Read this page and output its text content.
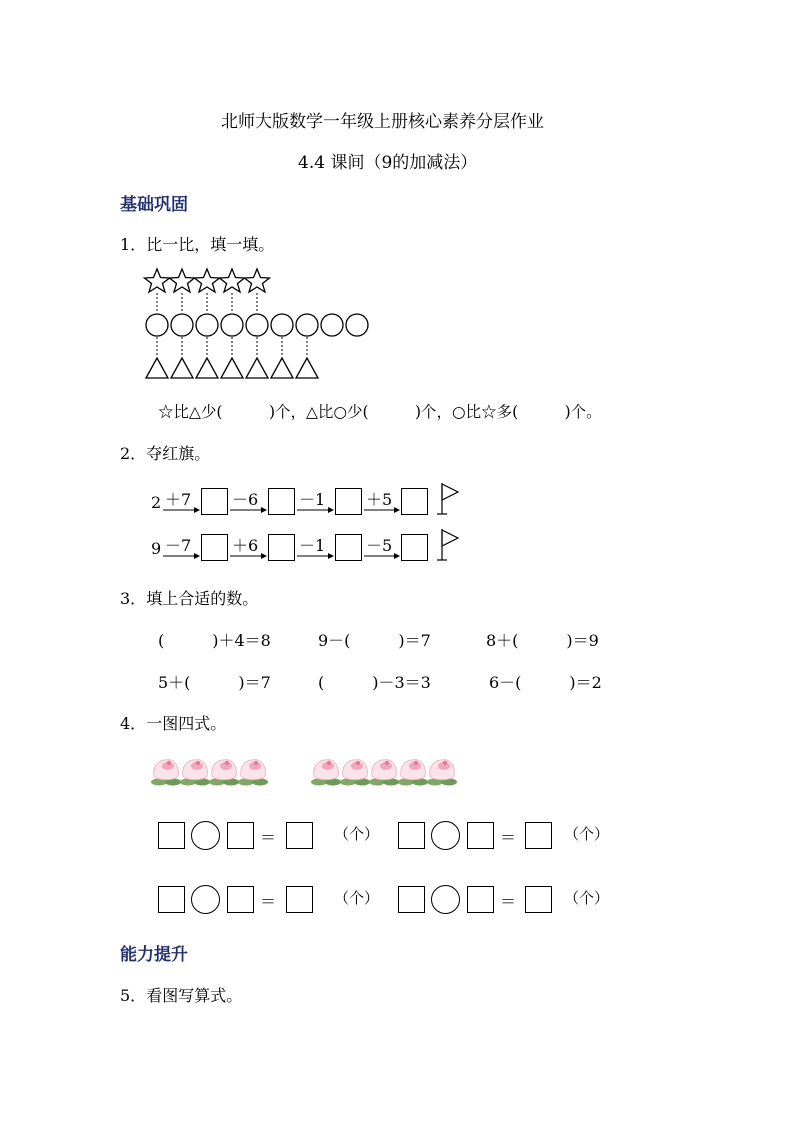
北师大版数学一年级上册核心素养分层作业
4.4 课间（9的加减法）
基础巩固
1．比一比，填一填。
☆比△少(　　　)个，△比○少(　　　)个，○比☆多(　　　)个。
2．夺红旗。
2 ＋7	－6	－1	＋5
9 －7	＋6	－1	－5
3．填上合适的数。
(　　　)＋4＝8	9－(　　　)＝7	8＋(　　　)＝9
5＋(　　　)＝7	(　　　)－3＝3	6－(　　　)＝2
4．一图四式。
＝	（个）	＝	（个）
＝	（个）	＝	（个）
能力提升
5．看图写算式。
